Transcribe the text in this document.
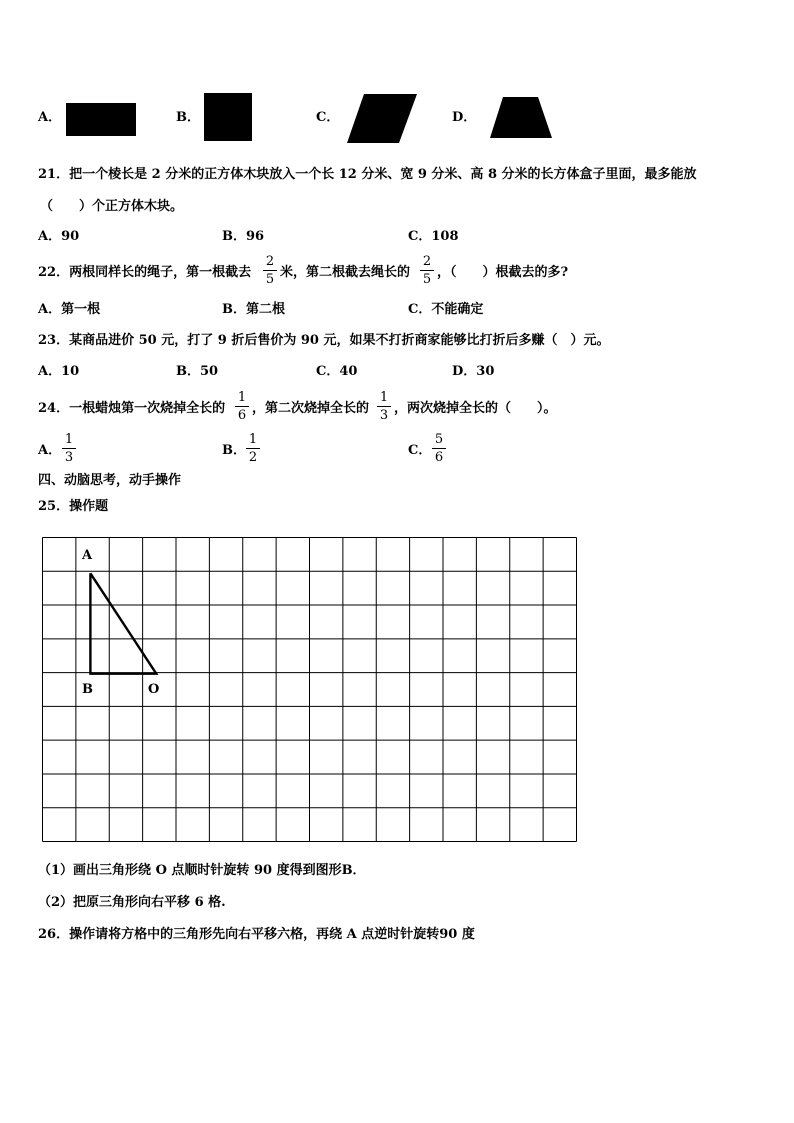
A．	B．	C．	D．
21．把一个棱长是 2 分米的正方体木块放入一个长 12 分米、宽 9 分米、高 8 分米的长方体盒子里面，最多能放
（　　）个正方体木块。
A．90	B．96	C．108
22．两根同样长的绳子，第一根截去
2
5 米，第二根截去绳长的
2
5 ，（　　）根截去的多?
A．第一根	B．第二根	C．不能确定
23．某商品进价 50 元，打了 9 折后售价为 90 元，如果不打折商家能够比打折后多赚（　）元。
A．10	B．50	C．40	D．30
24．一根蜡烛第一次烧掉全长的
1
6 ，第二次烧掉全长的
1
3 ，两次烧掉全长的（　　）。
A．
1
3	B．
1
2	C．
5
6
四、动脑思考，动手操作
25．操作题
A
B	O
（1）画出三角形绕 O 点顺时针旋转 90 度得到图形B．
（2）把原三角形向右平移 6 格.
26．操作请将方格中的三角形先向右平移六格，再绕 A 点逆时针旋转90 度
